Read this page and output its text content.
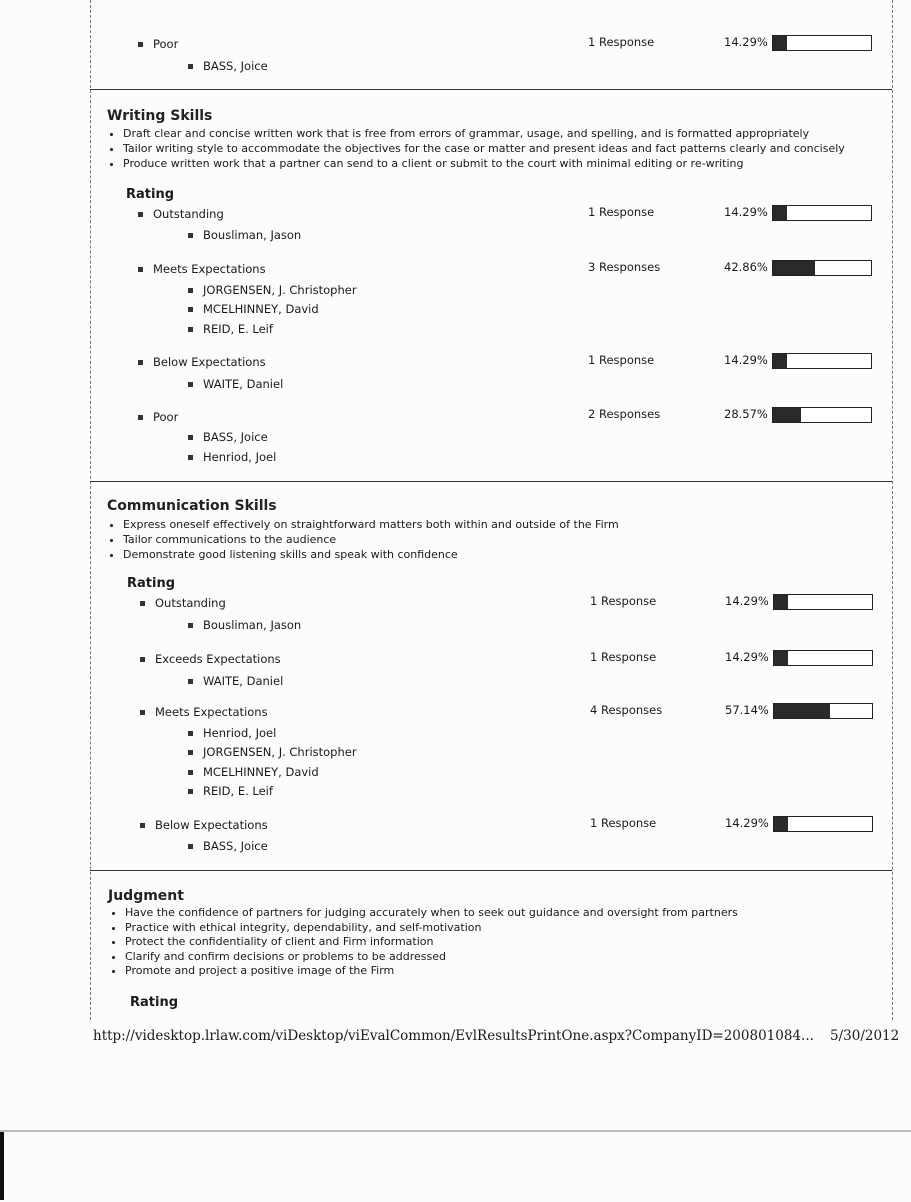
Poor	1 Response	14.29%
BASS, Joice
Writing Skills
• Draft clear and concise written work that is free from errors of grammar, usage, and spelling, and is formatted appropriately
• Tailor writing style to accommodate the objectives for the case or matter and present ideas and fact patterns clearly and concisely
• Produce written work that a partner can send to a client or submit to the court with minimal editing or re-writing
Rating
Outstanding	1 Response	14.29%
Bousliman, Jason
Meets Expectations	3 Responses	42.86%
JORGENSEN, J. Christopher
MCELHINNEY, David
REID, E. Leif
Below Expectations	1 Response	14.29%
WAITE, Daniel
Poor	2 Responses	28.57%
BASS, Joice
Henriod, Joel
Communication Skills
• Express oneself effectively on straightforward matters both within and outside of the Firm
• Tailor communications to the audience
• Demonstrate good listening skills and speak with confidence
Rating
Outstanding	1 Response	14.29%
Bousliman, Jason
Exceeds Expectations	1 Response	14.29%
WAITE, Daniel
Meets Expectations	4 Responses	57.14%
Henriod, Joel
JORGENSEN, J. Christopher
MCELHINNEY, David
REID, E. Leif
Below Expectations	1 Response	14.29%
BASS, Joice
Judgment
• Have the confidence of partners for judging accurately when to seek out guidance and oversight from partners
• Practice with ethical integrity, dependability, and self-motivation
• Protect the confidentiality of client and Firm information
• Clarify and confirm decisions or problems to be addressed
• Promote and project a positive image of the Firm
Rating
http://videsktop.lrlaw.com/viDesktop/viEvalCommon/EvlResultsPrintOne.aspx?CompanyID=200801084... 5/30/2012
